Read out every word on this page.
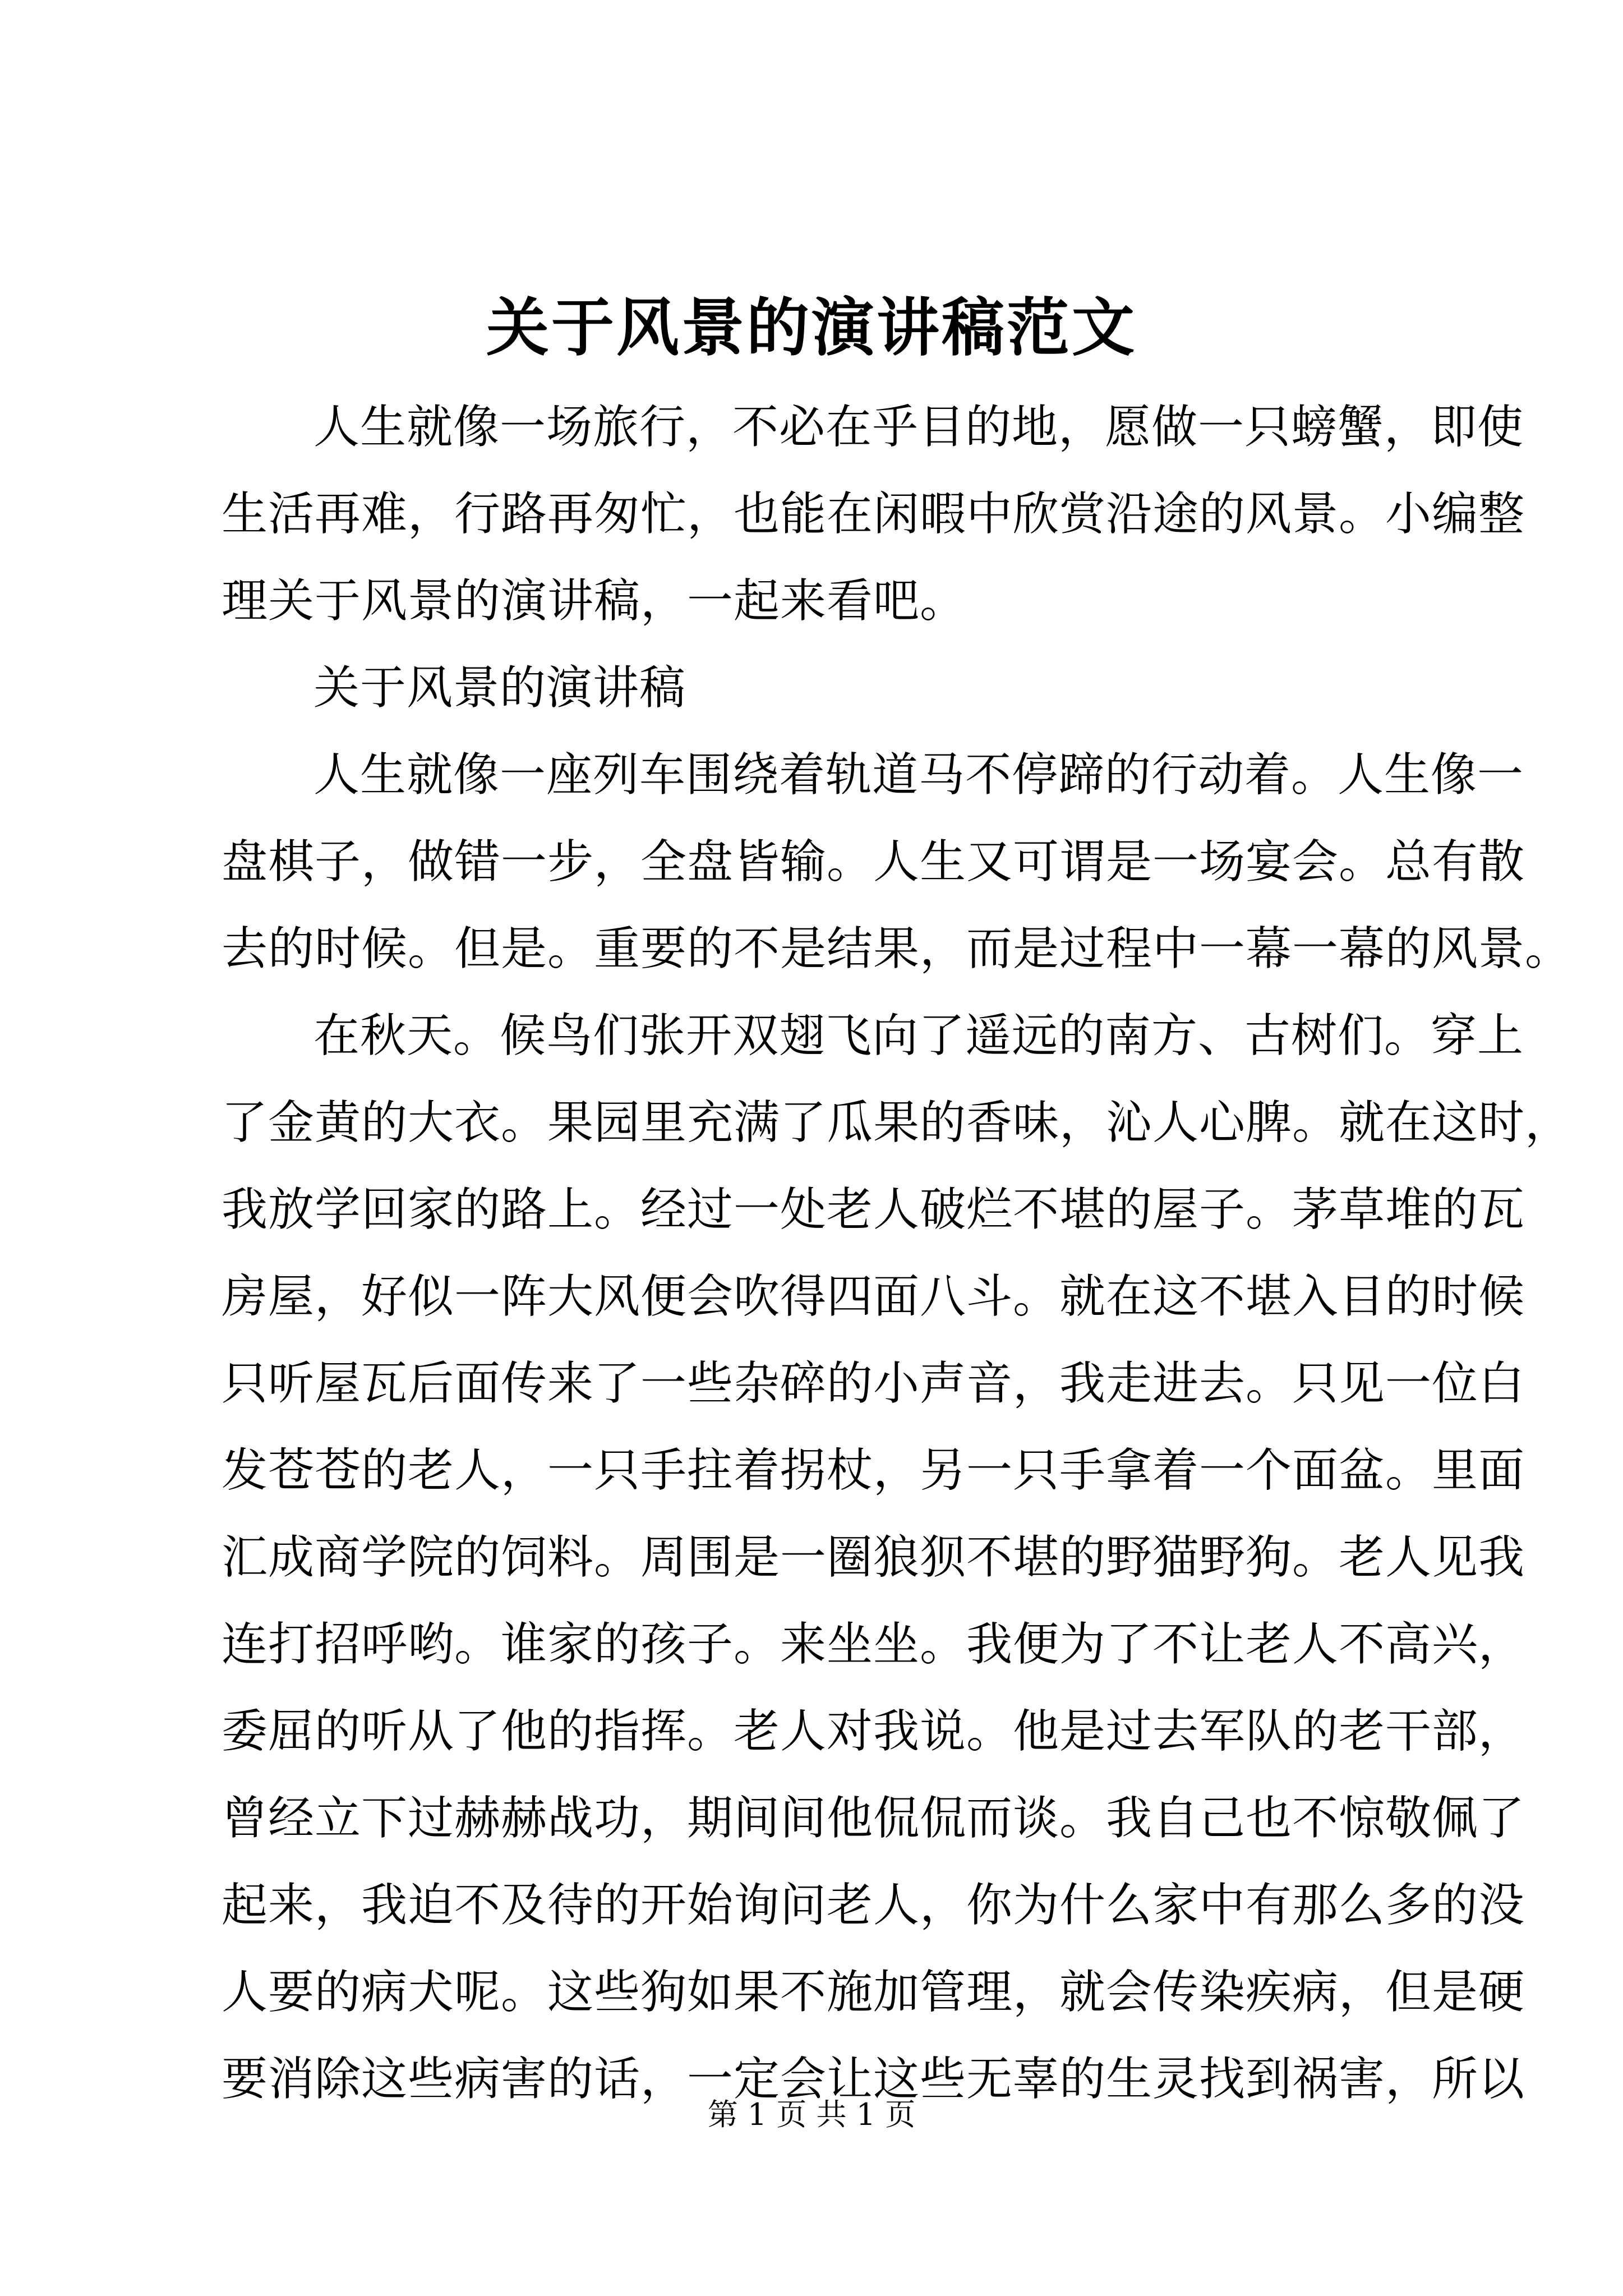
关于风景的演讲稿范文
人生就像一场旅行，不必在乎目的地，愿做一只螃蟹，即使
生活再难，行路再匆忙，也能在闲暇中欣赏沿途的风景。小编整
理关于风景的演讲稿，一起来看吧。
关于风景的演讲稿
人生就像一座列车围绕着轨道马不停蹄的行动着。人生像一
盘棋子，做错一步，全盘皆输。人生又可谓是一场宴会。总有散
去的时候。但是。重要的不是结果，而是过程中一幕一幕的风景。
在秋天。候鸟们张开双翅飞向了遥远的南方、古树们。穿上
了金黄的大衣。果园里充满了瓜果的香味，沁人心脾。就在这时，
我放学回家的路上。经过一处老人破烂不堪的屋子。茅草堆的瓦
房屋，好似一阵大风便会吹得四面八斗。就在这不堪入目的时候
只听屋瓦后面传来了一些杂碎的小声音，我走进去。只见一位白
发苍苍的老人，一只手拄着拐杖，另一只手拿着一个面盆。里面
汇成商学院的饲料。周围是一圈狼狈不堪的野猫野狗。老人见我
连打招呼哟。谁家的孩子。来坐坐。我便为了不让老人不高兴，
委屈的听从了他的指挥。老人对我说。他是过去军队的老干部，
曾经立下过赫赫战功，期间间他侃侃而谈。我自己也不惊敬佩了
起来，我迫不及待的开始询问老人，你为什么家中有那么多的没
人要的病犬呢。这些狗如果不施加管理，就会传染疾病，但是硬
要消除这些病害的话，一定会让这些无辜的生灵找到祸害，所以
第 1 页 共 1 页
